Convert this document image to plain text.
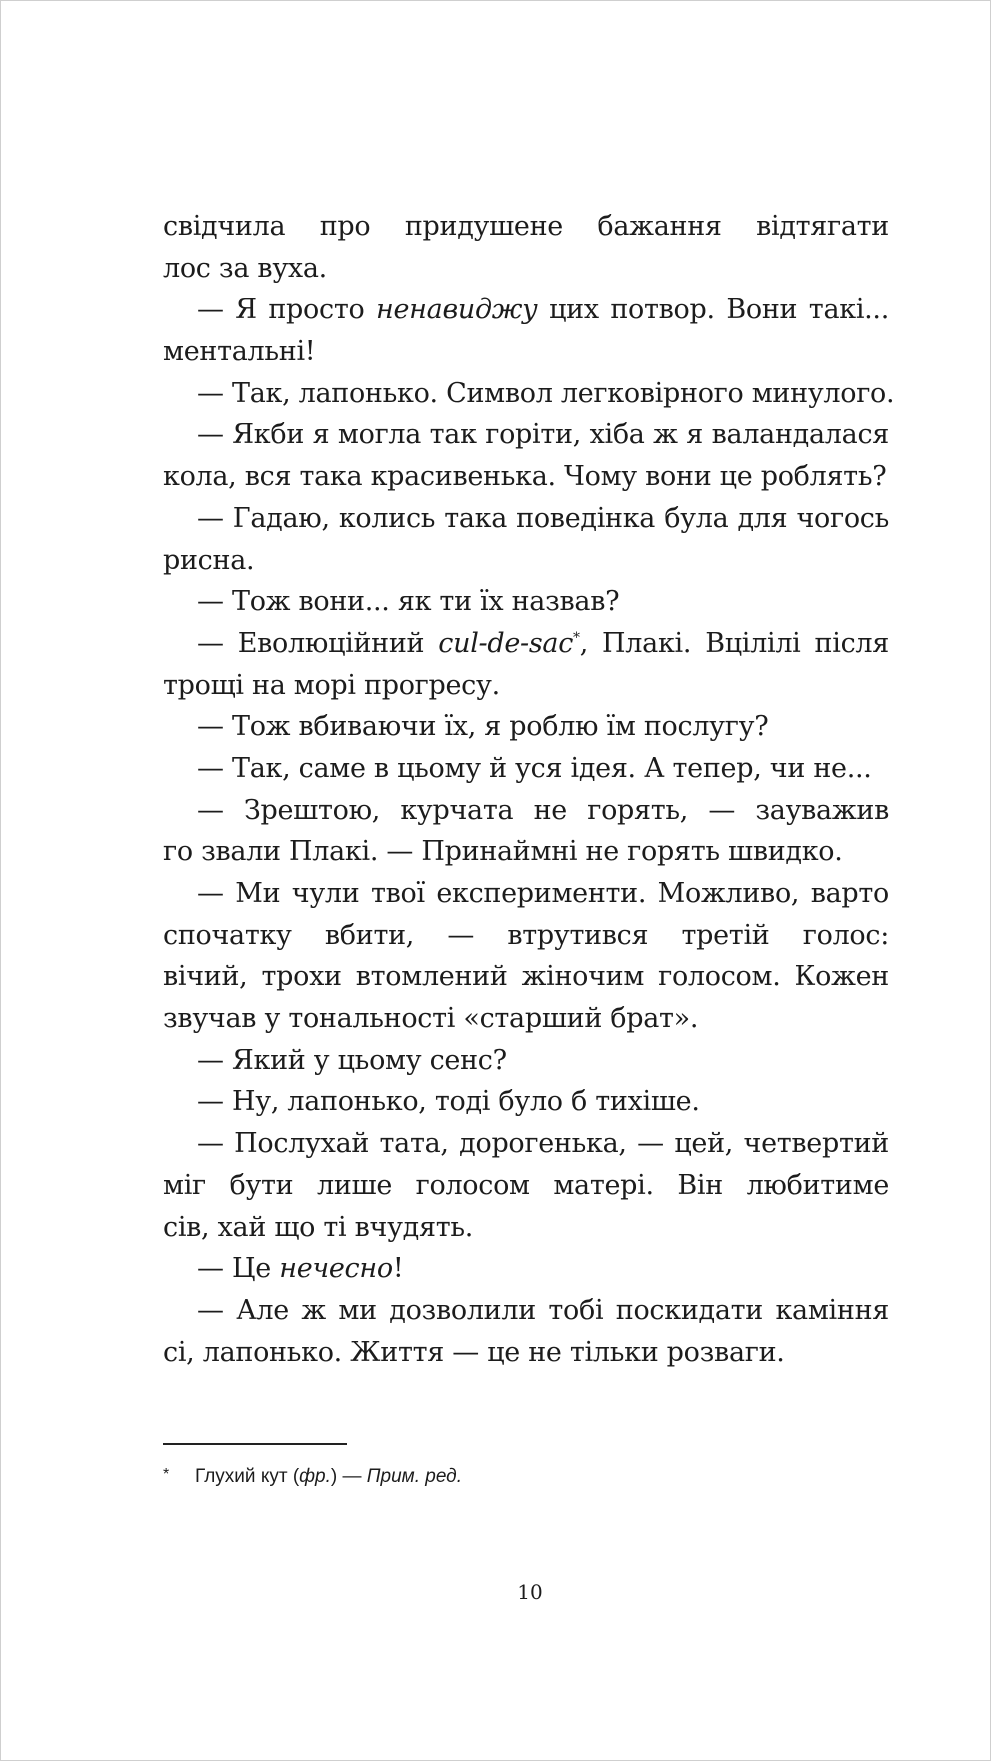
свідчила про придушене бажання відтягати
лос за вуха.
— Я просто ненавиджу цих потвор. Вони такі...
ментальні!
— Так, лапонько. Символ легковірного минулого.
— Якби я могла так горіти, хіба ж я валандалася
кола, вся така красивенька. Чому вони це роблять?
— Гадаю, колись така поведінка була для чогось
рисна.
— Тож вони... як ти їх назвав?
— Еволюційний cul-de-sac*, Плакі. Вцілілі після
трощі на морі прогресу.
— Тож вбиваючи їх, я роблю їм послугу?
— Так, саме в цьому й уся ідея. А тепер, чи не...
— Зрештою, курчата не горять, — зауважив
го звали Плакі. — Принаймні не горять швидко.
— Ми чули твої експерименти. Можливо, варто
спочатку вбити, — втрутився третій голос:
вічий, трохи втомлений жіночим голосом. Кожен
звучав у тональності «старший брат».
— Який у цьому сенс?
— Ну, лапонько, тоді було б тихіше.
— Послухай тата, дорогенька, — цей, четвертий
міг бути лише голосом матері. Він любитиме
сів, хай що ті вчудять.
— Це нечесно!
— Але ж ми дозволили тобі поскидати каміння
сі, лапонько. Життя — це не тільки розваги.
* Глухий кут (фр.) — Прим. ред.
10
